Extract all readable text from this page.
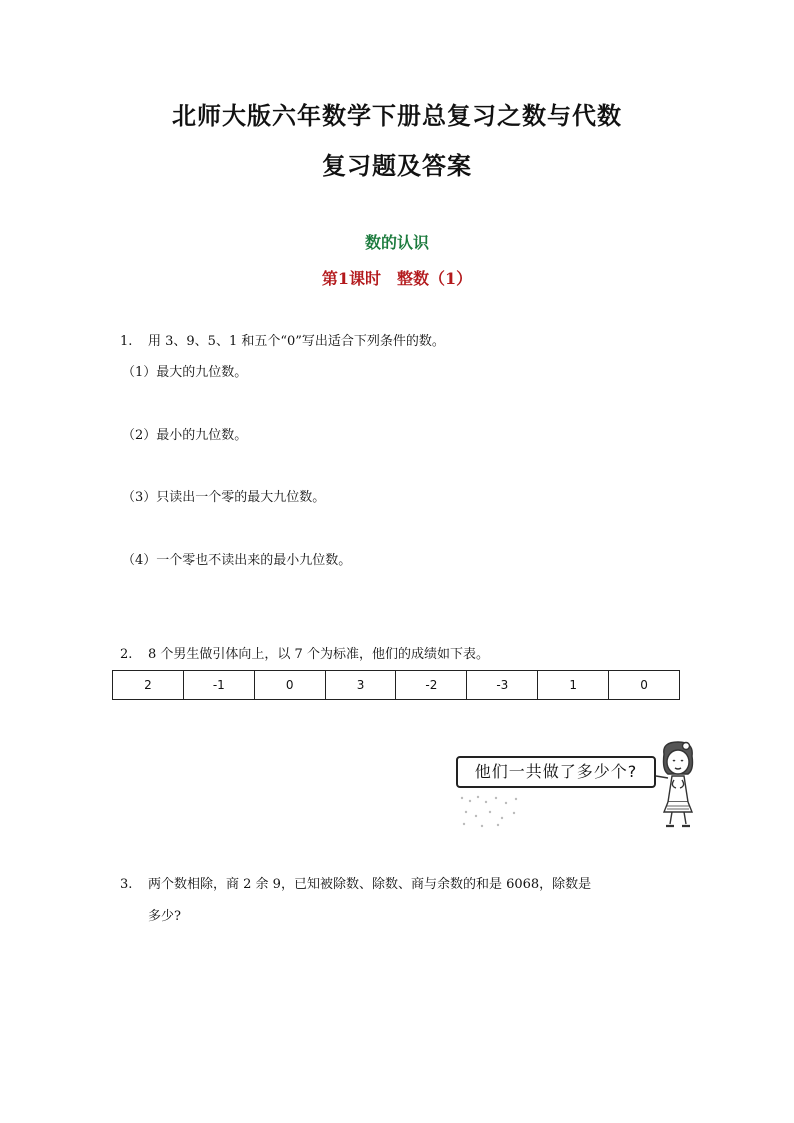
北师大版六年数学下册总复习之数与代数
复习题及答案
数的认识
第1课时　整数（1）
1. 用 3、9、5、1 和五个“0”写出适合下列条件的数。
（1）最大的九位数。
（2）最小的九位数。
（3）只读出一个零的最大九位数。
（4）一个零也不读出来的最小九位数。
2. 8 个男生做引体向上，以 7 个为标准，他们的成绩如下表。
2	-1	0	3	-2	-3	1	0
他们一共做了多少个?
3. 两个数相除，商 2 余 9，已知被除数、除数、商与余数的和是 6068，除数是
多少?
